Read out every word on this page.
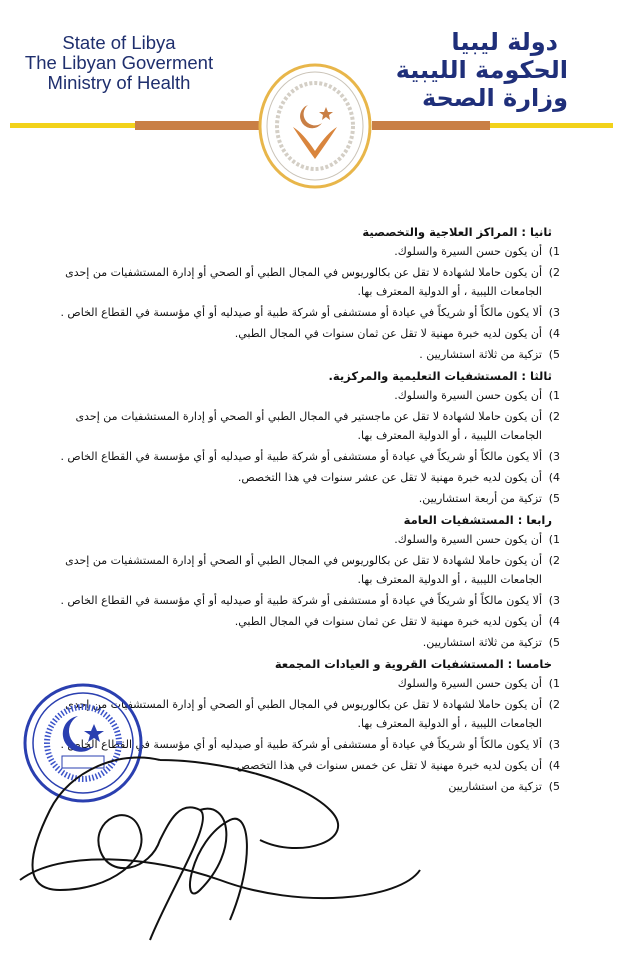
State of Libya
The Libyan Goverment
Ministry of Health
دولة ليبيا
الحكومة الليبية
وزارة الصحة
ثانيا : المراكز العلاجية والتخصصية
1)
أن يكون حسن السيرة والسلوك.
2)
أن يكون حاملا لشهادة لا تقل عن بكالوريوس في المجال الطبي أو الصحي أو إدارة المستشفيات من إحدى الجامعات الليبية ، أو الدولية المعترف بها.
3)
ألا يكون مالكاً أو شريكاً في عيادة أو مستشفى أو شركة طبية أو صيدليه أو أي مؤسسة في القطاع الخاص .
4)
أن يكون لديه خبرة مهنية لا تقل عن ثمان سنوات في المجال الطبي.
5)
تزكية من ثلاثة استشاريين .
ثالثا : المستشفيات التعليمية والمركزية.
1)
أن يكون حسن السيرة والسلوك.
2)
أن يكون حاملا لشهادة لا تقل عن ماجستير في المجال الطبي أو الصحي أو إدارة المستشفيات من إحدى الجامعات الليبية ، أو الدولية المعترف بها.
3)
ألا يكون مالكاً أو شريكاً في عيادة أو مستشفى أو شركة طبية أو صيدليه أو أي مؤسسة في القطاع الخاص .
4)
أن يكون لديه خبرة مهنية لا تقل عن عشر سنوات في هذا التخصص.
5)
تزكية من أربعة استشاريين.
رابعا : المستشفيات العامة
1)
أن يكون حسن السيرة والسلوك.
2)
أن يكون حاملا لشهادة لا تقل عن بكالوريوس في المجال الطبي أو الصحي أو إدارة المستشفيات من إحدى الجامعات الليبية ، أو الدولية المعترف بها.
3)
ألا يكون مالكاً أو شريكاً في عيادة أو مستشفى أو شركة طبية أو صيدليه أو أي مؤسسة في القطاع الخاص .
4)
أن يكون لديه خبرة مهنية لا تقل عن ثمان سنوات في المجال الطبي.
5)
تزكية من ثلاثة استشاريين.
خامسا : المستشفيات القروية و العيادات المجمعة
1)
أن يكون حسن السيرة والسلوك
2)
أن يكون حاملا لشهادة لا تقل عن بكالوريوس في المجال الطبي أو الصحي أو إدارة المستشفيات من إحدى الجامعات الليبية ، أو الدولية المعترف بها.
3)
ألا يكون مالكاً أو شريكاً في عيادة أو مستشفى أو شركة طبية أو صيدليه أو أي مؤسسة في القطاع الخاص .
4)
أن يكون لديه خبرة مهنية لا تقل عن خمس سنوات في هذا التخصص.
5)
تزكية من استشاريين
